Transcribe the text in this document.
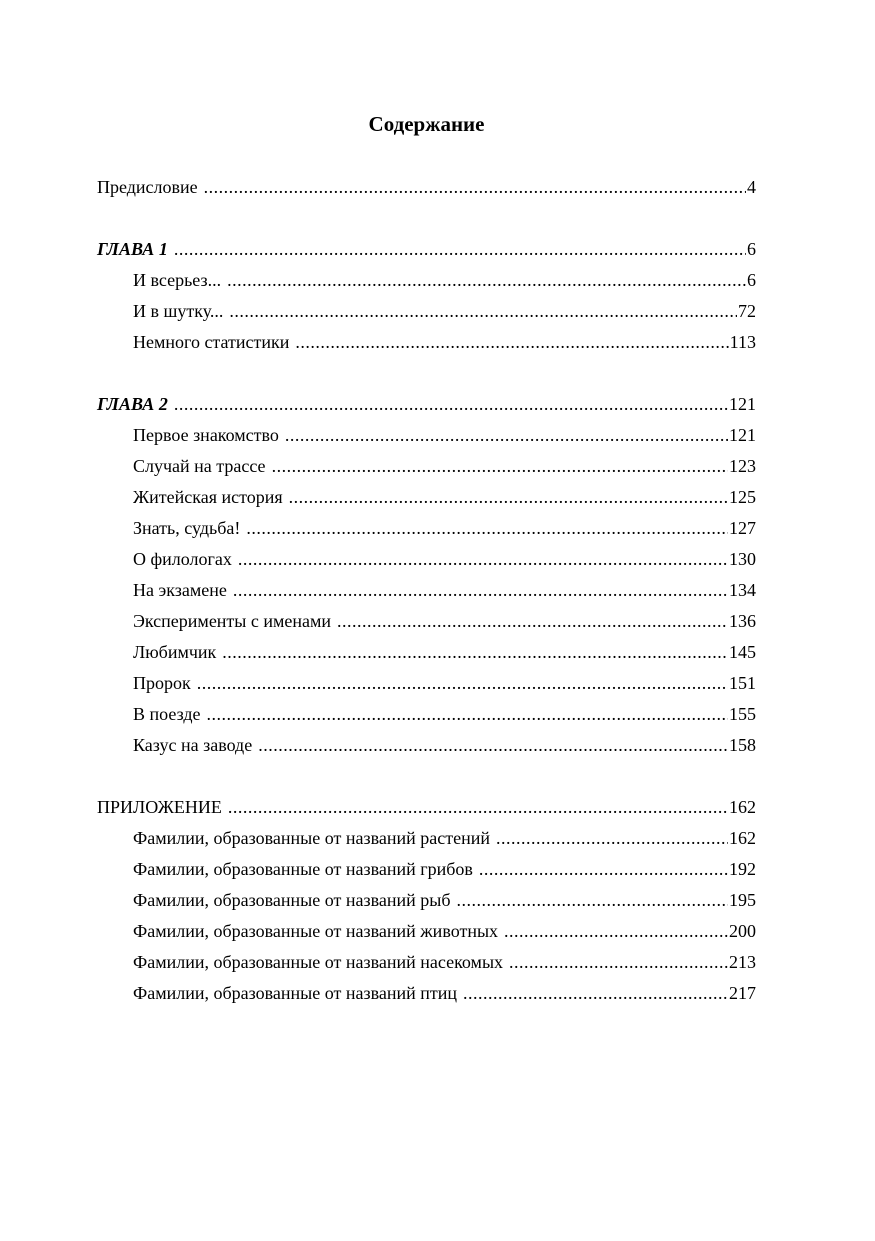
Содержание
Предисловие .....	4
ГЛАВА 1 .....	6
И всерьез... .....	6
И в шутку... .....	72
Немного статистики .....	113
ГЛАВА 2 .....	121
Первое знакомство .....	121
Случай на трассе .....	123
Житейская история .....	125
Знать, судьба! .....	127
О филологах .....	130
На экзамене .....	134
Эксперименты с именами .....	136
Любимчик .....	145
Пророк .....	151
В поезде .....	155
Казус на заводе .....	158
ПРИЛОЖЕНИЕ .....	162
Фамилии, образованные от названий растений .....	162
Фамилии, образованные от названий грибов .....	192
Фамилии, образованные от названий рыб .....	195
Фамилии, образованные от названий животных .....	200
Фамилии, образованные от названий насекомых .....	213
Фамилии, образованные от названий птиц .....	217
